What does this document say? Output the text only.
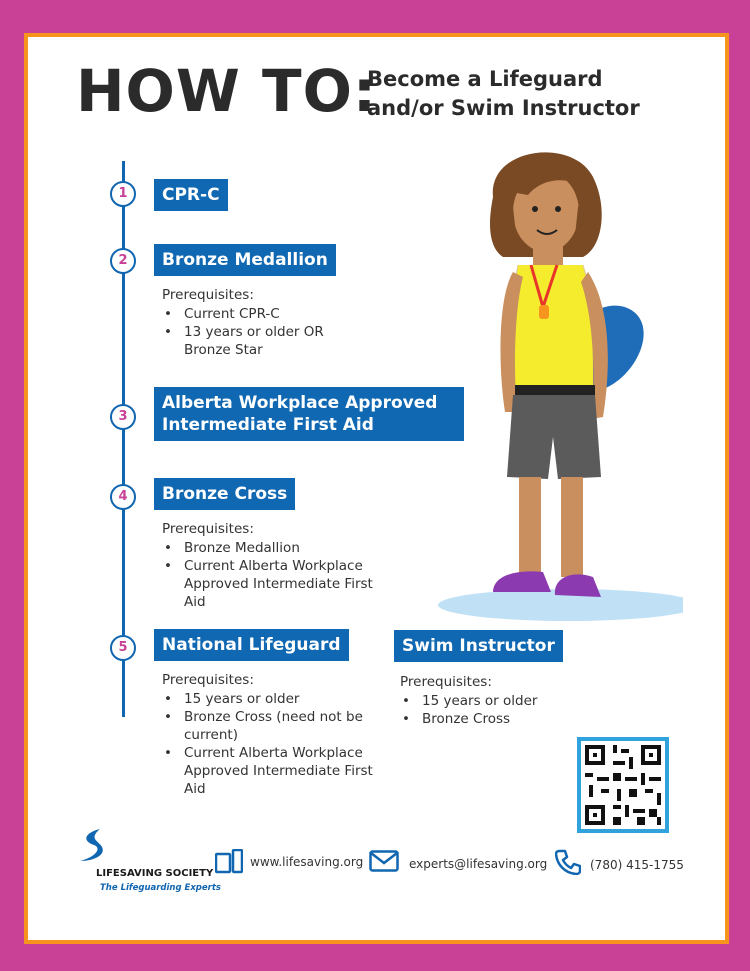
HOW TO:
Become a Lifeguard
and/or Swim Instructor
1	CPR-C
2	Bronze Medallion
Prerequisites:
• Current CPR-C
• 13 years or older OR Bronze Star
3
Alberta Workplace Approved
Intermediate First Aid
4	Bronze Cross
Prerequisites:
• Bronze Medallion
• Current Alberta Workplace Approved Intermediate First Aid
5	National Lifeguard
Prerequisites:
• 15 years or older
• Bronze Cross (need not be current)
• Current Alberta Workplace Approved Intermediate First Aid
Swim Instructor
Prerequisites:
• 15 years or older
• Bronze Cross
LIFESAVING SOCIETY
The Lifeguarding Experts
www.lifesaving.org	experts@lifesaving.org	(780) 415-1755
